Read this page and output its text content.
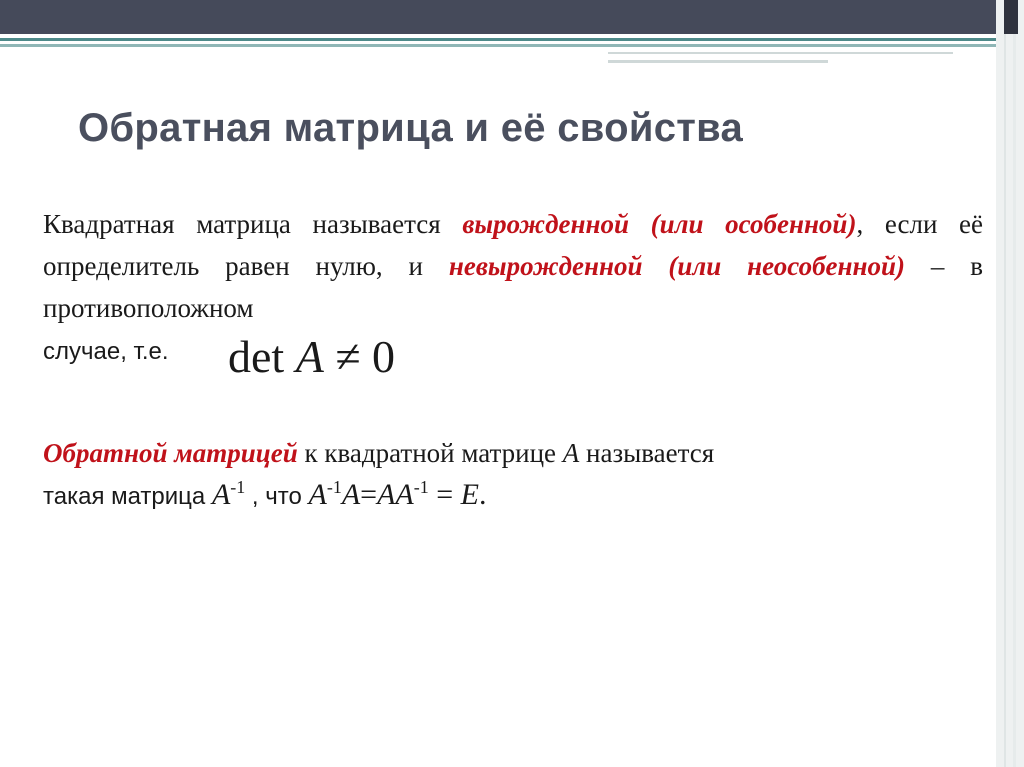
Обратная матрица и её свойства
Квадратная матрица называется вырожденной (или особенной), если её определитель равен нулю, и невырожденной (или неособенной) – в противоположном
случае, т.е.	det A ≠ 0
Обратной матрицей к квадратной матрице A называется
такая матрица $A^{-1}$ , что $A^{-1}A=AA^{-1} = E$.
